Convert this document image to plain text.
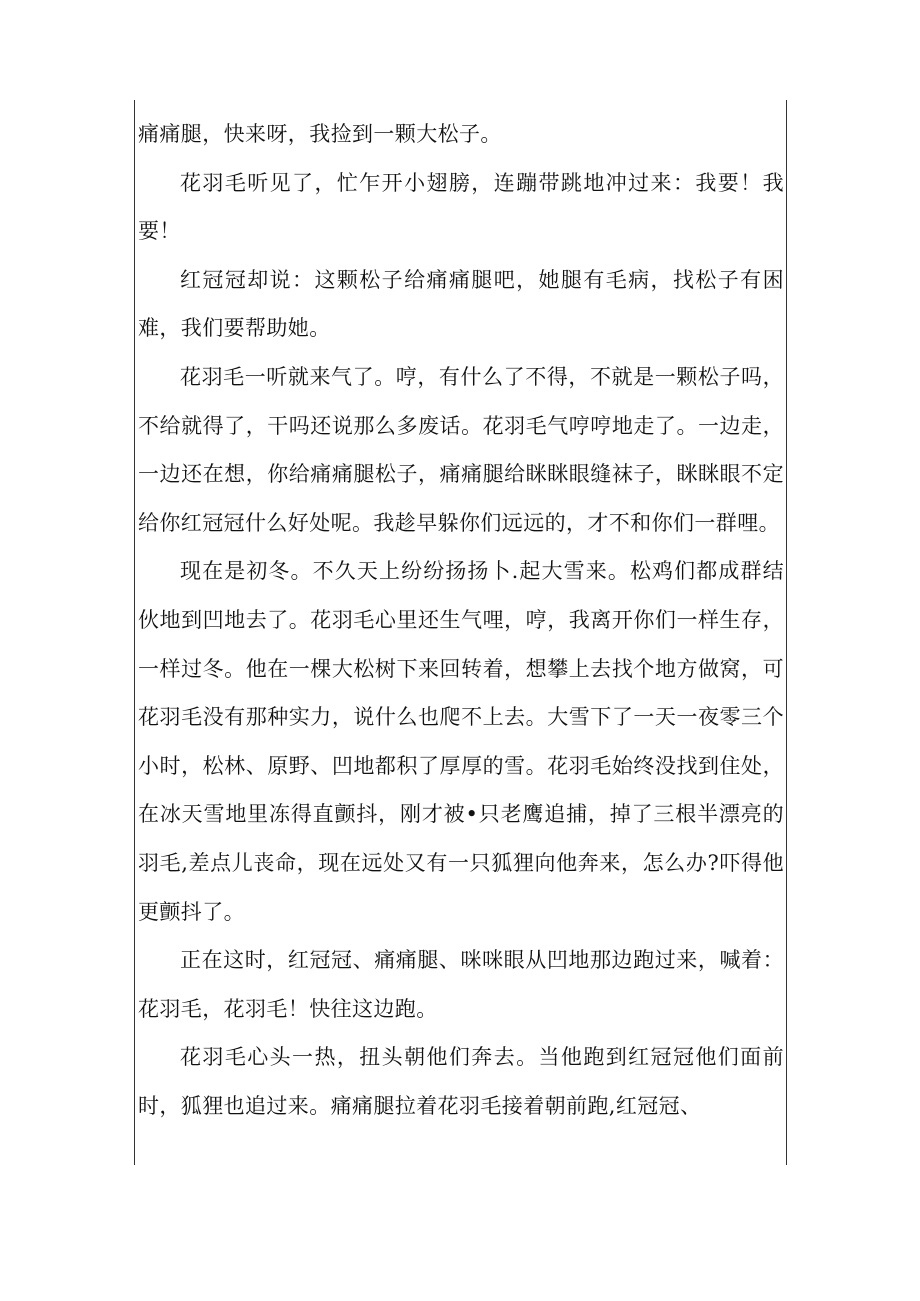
痛痛腿，快来呀，我捡到一颗大松子。

花羽毛听见了，忙乍开小翅膀，连蹦带跳地冲过来：我要！我要！

红冠冠却说：这颗松子给痛痛腿吧，她腿有毛病，找松子有困难，我们要帮助她。

花羽毛一听就来气了。哼，有什么了不得，不就是一颗松子吗，不给就得了，干吗还说那么多废话。花羽毛气哼哼地走了。一边走，一边还在想，你给痛痛腿松子，痛痛腿给眯眯眼缝袜子，眯眯眼不定给你红冠冠什么好处呢。我趁早躲你们远远的，才不和你们一群哩。

现在是初冬。不久天上纷纷扬扬卜.起大雪来。松鸡们都成群结伙地到凹地去了。花羽毛心里还生气哩，哼，我离开你们一样生存，一样过冬。他在一棵大松树下来回转着，想攀上去找个地方做窝，可花羽毛没有那种实力，说什么也爬不上去。大雪下了一天一夜零三个小时，松林、原野、凹地都积了厚厚的雪。花羽毛始终没找到住处，在冰天雪地里冻得直颤抖，刚才被•只老鹰追捕，掉了三根半漂亮的羽毛,差点儿丧命，现在远处又有一只狐狸向他奔来，怎么办?吓得他更颤抖了。

正在这时，红冠冠、痛痛腿、咪咪眼从凹地那边跑过来，喊着：花羽毛，花羽毛！快往这边跑。

花羽毛心头一热，扭头朝他们奔去。当他跑到红冠冠他们面前时，狐狸也追过来。痛痛腿拉着花羽毛接着朝前跑,红冠冠、
